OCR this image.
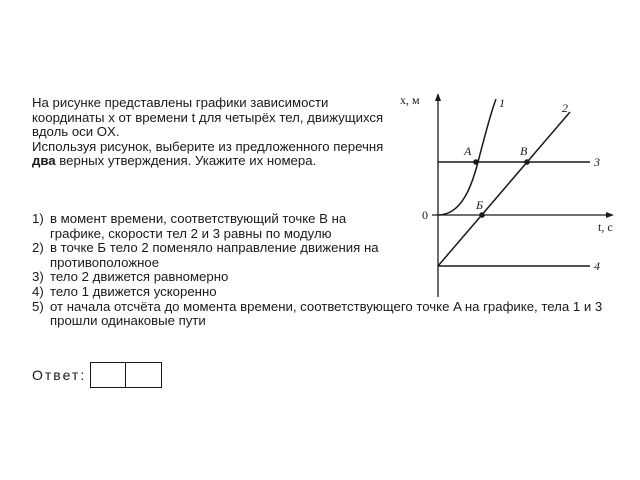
На рисунке представлены графики зависимости координаты x от времени t для четырёх тел, движущихся вдоль оси OX.

Используя рисунок, выберите из предложенного перечня два верных утверждения. Укажите их номера.

1) в момент времени, соответствующий точке B на графике, скорости тел 2 и 3 равны по модулю
2) в точке Б тело 2 поменяло направление движения на противоположное
3) тело 2 движется равномерно
4) тело 1 движется ускоренно
5) от начала отсчёта до момента времени, соответствующего точке A на графике, тела 1 и 3 прошли одинаковые пути
Ответ:
x, м
t, с
0
A	B
Б
1	2
3
4
